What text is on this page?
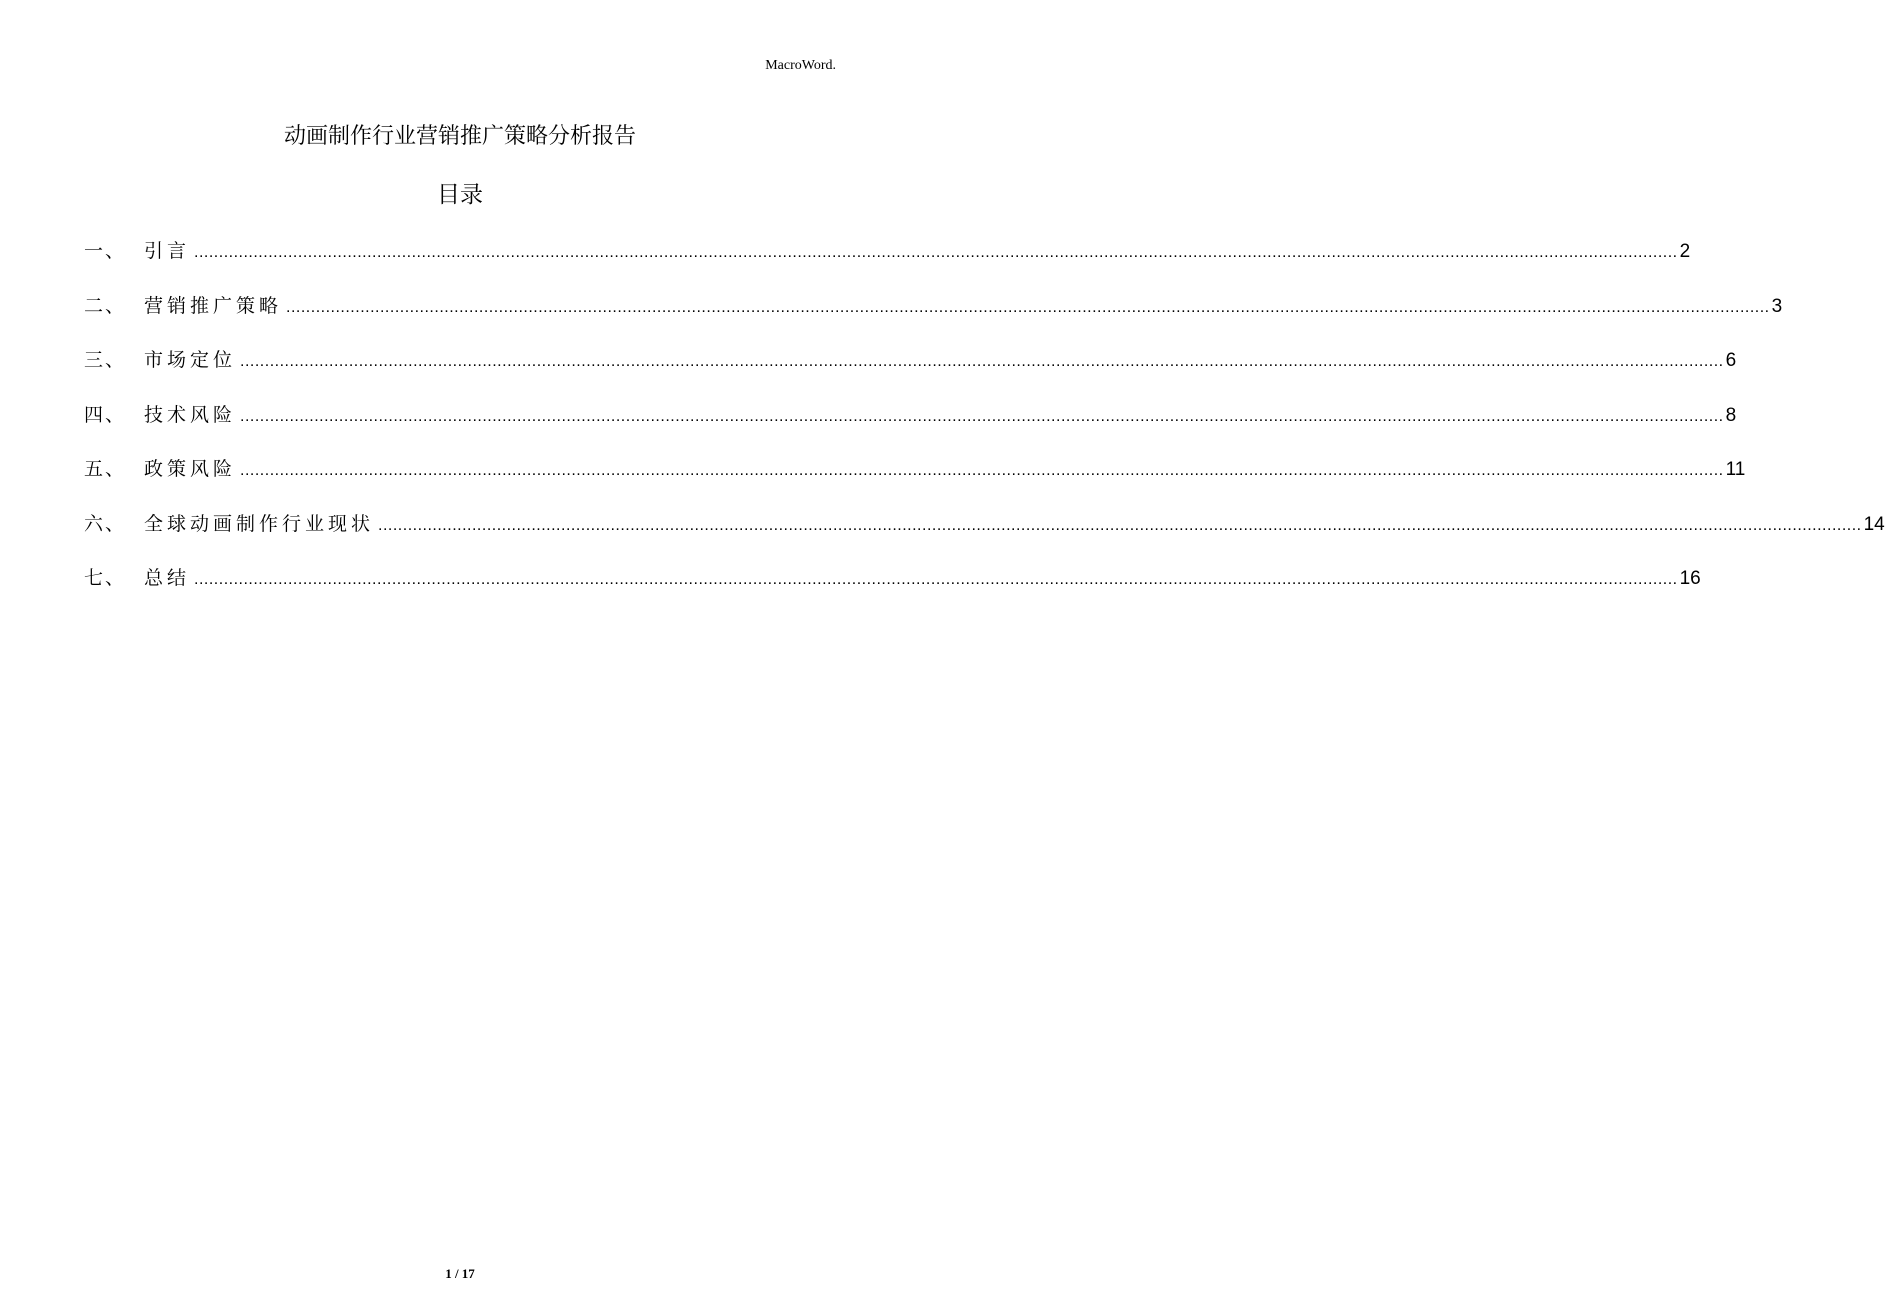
MacroWord.
动画制作行业营销推广策略分析报告
目录
一、 引言 ............................................................................................................................................................................................................................................................................................................ 2
二、 营销推广策略 ............................................................................................................................................................................................................................................................................................................ 3
三、 市场定位 ............................................................................................................................................................................................................................................................................................................ 6
四、 技术风险 ............................................................................................................................................................................................................................................................................................................ 8
五、 政策风险 ............................................................................................................................................................................................................................................................................................................ 11
六、 全球动画制作行业现状 ............................................................................................................................................................................................................................................................................................................ 14
七、 总结 ............................................................................................................................................................................................................................................................................................................ 16
1 / 17
